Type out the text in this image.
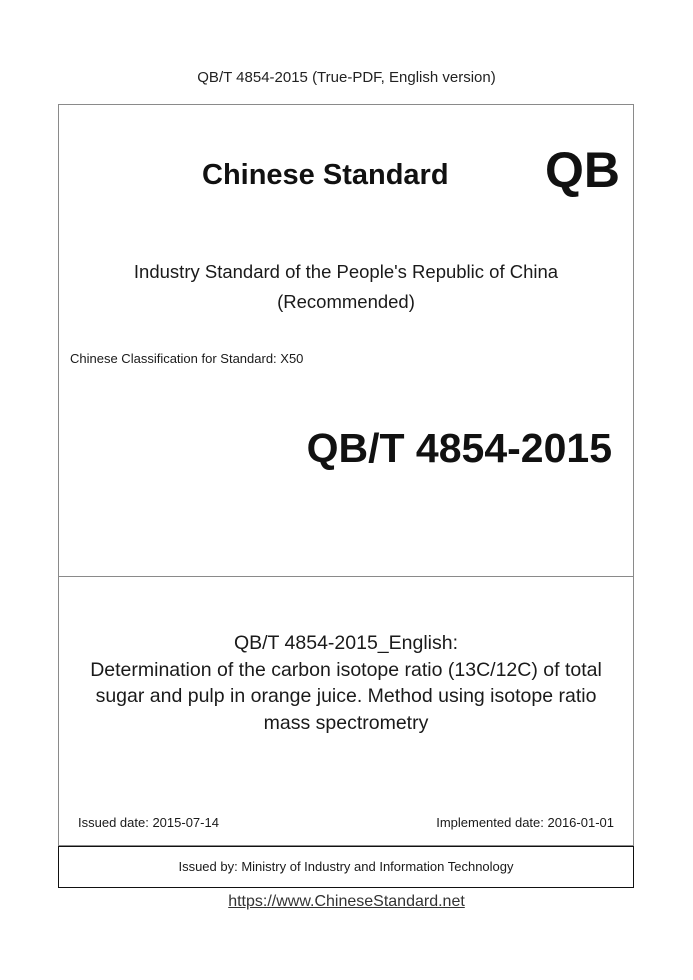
QB/T 4854-2015 (True-PDF, English version)
Chinese Standard QB
Industry Standard of the People's Republic of China
(Recommended)
Chinese Classification for Standard: X50
QB/T 4854-2015
QB/T 4854-2015_English:
Determination of the carbon isotope ratio (13C/12C) of total
sugar and pulp in orange juice. Method using isotope ratio
mass spectrometry
Issued date: 2015-07-14	Implemented date: 2016-01-01
Issued by: Ministry of Industry and Information Technology
https://www.ChineseStandard.net
